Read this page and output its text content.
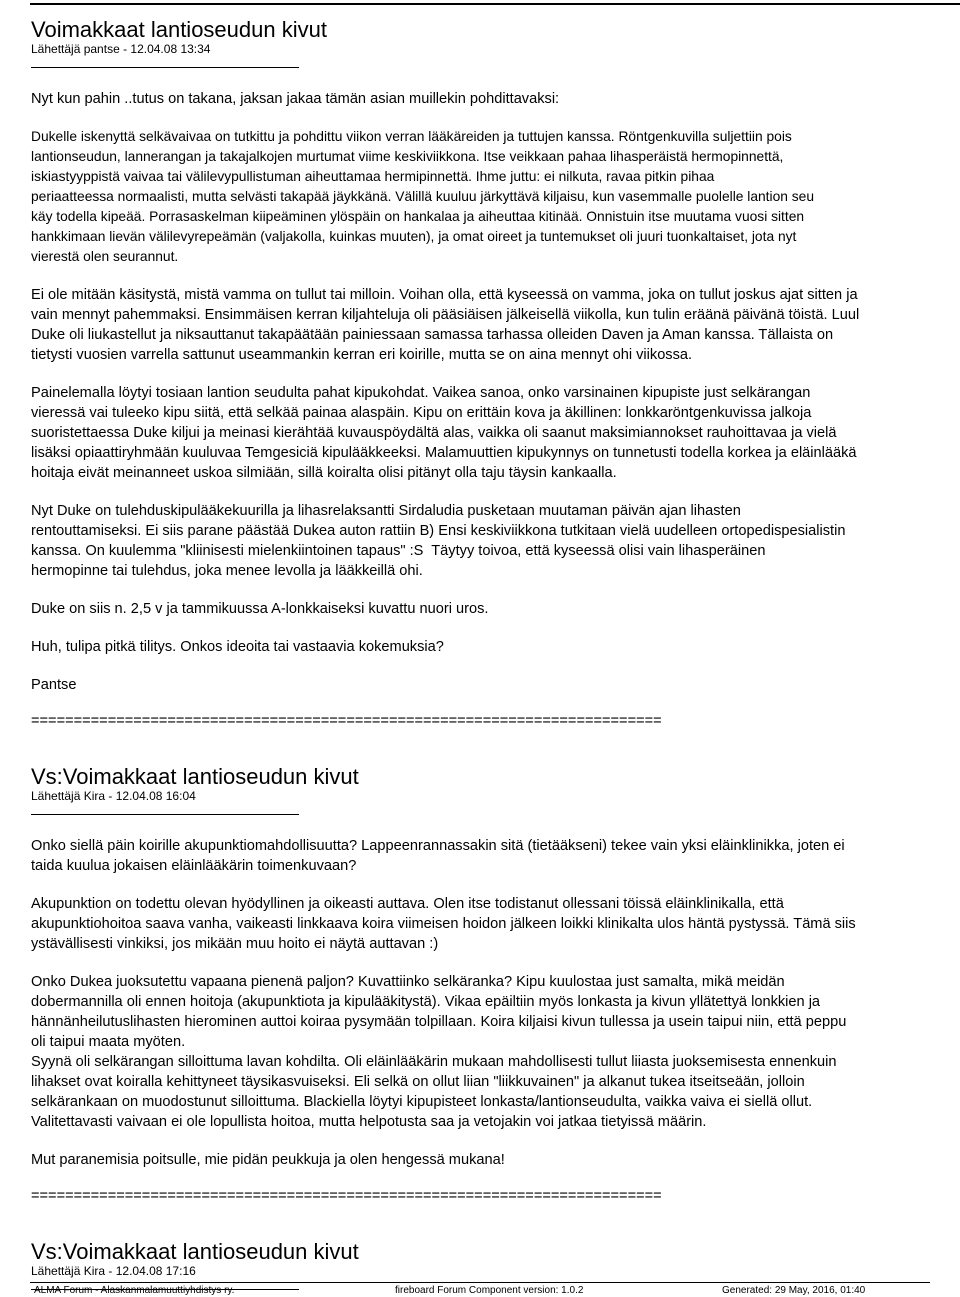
Voimakkaat lantioseudun kivut
Lähettäjä pantse - 12.04.08 13:34
Nyt kun pahin ..tutus on takana, jaksan jakaa tämän asian muillekin pohdittavaksi:
Dukelle iskenyttä selkävaivaa on tutkittu ja pohdittu viikon verran lääkäreiden ja tuttujen kanssa. Röntgenkuvilla suljettiin pois
lantionseudun, lannerangan ja takajalkojen murtumat viime keskiviikkona. Itse veikkaan pahaa lihasperäistä hermopinnettä,
iskiastyyppistä vaivaa tai välilevypullistuman aiheuttamaa hermipinnettä. Ihme juttu: ei nilkuta, ravaa pitkin pihaa
periaatteessa normaalisti, mutta selvästi takapää jäykkänä. Välillä kuuluu järkyttävä kiljaisu, kun vasemmalle puolelle lantion seu
käy todella kipeää. Porrasaskelman kiipeäminen ylöspäin on hankalaa ja aiheuttaa kitinää. Onnistuin itse muutama vuosi sitten
hankkimaan lievän välilevyrepeämän (valjakolla, kuinkas muuten), ja omat oireet ja tuntemukset oli juuri tuonkaltaiset, jota nyt
vierestä olen seurannut.
Ei ole mitään käsitystä, mistä vamma on tullut tai milloin. Voihan olla, että kyseessä on vamma, joka on tullut joskus ajat sitten ja
vain mennyt pahemmaksi. Ensimmäisen kerran kiljahteluja oli pääsiäisen jälkeisellä viikolla, kun tulin eräänä päivänä töistä. Luul
Duke oli liukastellut ja niksauttanut takapäätään painiessaan samassa tarhassa olleiden Daven ja Aman kanssa. Tällaista on
tietysti vuosien varrella sattunut useammankin kerran eri koirille, mutta se on aina mennyt ohi viikossa.
Painelemalla löytyi tosiaan lantion seudulta pahat kipukohdat. Vaikea sanoa, onko varsinainen kipupiste just selkärangan
vieressä vai tuleeko kipu siitä, että selkää painaa alaspäin. Kipu on erittäin kova ja äkillinen: lonkkaröntgenkuvissa jalkoja
suoristettaessa Duke kiljui ja meinasi kierähtää kuvauspöydältä alas, vaikka oli saanut maksimiannokset rauhoittavaa ja vielä
lisäksi opiaattiryhmään kuuluvaa Temgesiciä kipulääkkeeksi. Malamuuttien kipukynnys on tunnetusti todella korkea ja eläinlääkä
hoitaja eivät meinanneet uskoa silmiään, sillä koiralta olisi pitänyt olla taju täysin kankaalla.
Nyt Duke on tulehduskipulääkekuurilla ja lihasrelaksantti Sirdaludia pusketaan muutaman päivän ajan lihasten
rentouttamiseksi. Ei siis parane päästää Dukea auton rattiin B) Ensi keskiviikkona tutkitaan vielä uudelleen ortopedispesialistin
kanssa. On kuulemma "kliinisesti mielenkiintoinen tapaus" :S  Täytyy toivoa, että kyseessä olisi vain lihasperäinen
hermopinne tai tulehdus, joka menee levolla ja lääkkeillä ohi.
Duke on siis n. 2,5 v ja tammikuussa A-lonkkaiseksi kuvattu nuori uros.
Huh, tulipa pitkä tilitys. Onkos ideoita tai vastaavia kokemuksia?
Pantse
==========================================================================
Vs:Voimakkaat lantioseudun kivut
Lähettäjä Kira - 12.04.08 16:04
Onko siellä päin koirille akupunktiomahdollisuutta? Lappeenrannassakin sitä (tietääkseni) tekee vain yksi eläinklinikka, joten ei
taida kuulua jokaisen eläinlääkärin toimenkuvaan?
Akupunktion on todettu olevan hyödyllinen ja oikeasti auttava. Olen itse todistanut ollessani töissä eläinklinikalla, että
akupunktiohoitoa saava vanha, vaikeasti linkkaava koira viimeisen hoidon jälkeen loikki klinikalta ulos häntä pystyssä. Tämä siis
ystävällisesti vinkiksi, jos mikään muu hoito ei näytä auttavan :)
Onko Dukea juoksutettu vapaana pienenä paljon? Kuvattiinko selkäranka? Kipu kuulostaa just samalta, mikä meidän
dobermannilla oli ennen hoitoja (akupunktiota ja kipulääkitystä). Vikaa epäiltiin myös lonkasta ja kivun yllätettyä lonkkien ja
hännänheilutuslihasten hierominen auttoi koiraa pysymään tolpillaan. Koira kiljaisi kivun tullessa ja usein taipui niin, että peppu
oli taipui maata myöten.
Syynä oli selkärangan silloittuma lavan kohdilta. Oli eläinlääkärin mukaan mahdollisesti tullut liiasta juoksemisesta ennenkuin
lihakset ovat koiralla kehittyneet täysikasvuiseksi. Eli selkä on ollut liian "liikkuvainen" ja alkanut tukea itseitseään, jolloin
selkärankaan on muodostunut silloittuma. Blackiella löytyi kipupisteet lonkasta/lantionseudulta, vaikka vaiva ei siellä ollut.
Valitettavasti vaivaan ei ole lopullista hoitoa, mutta helpotusta saa ja vetojakin voi jatkaa tietyissä määrin.
Mut paranemisia poitsulle, mie pidän peukkuja ja olen hengessä mukana!
==========================================================================
Vs:Voimakkaat lantioseudun kivut
Lähettäjä Kira - 12.04.08 17:16
ALMA Forum - Alaskanmalamuuttiyhdistys ry.	fireboard Forum Component version: 1.0.2	Generated: 29 May, 2016, 01:40
